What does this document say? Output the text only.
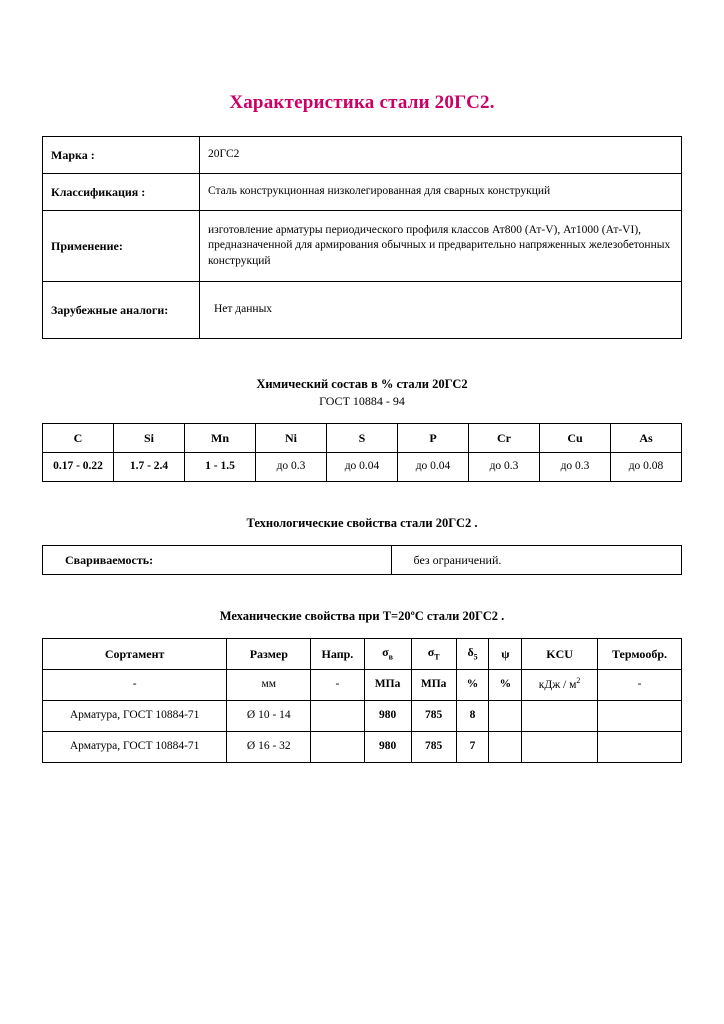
Характеристика стали 20ГС2.
Марка :	20ГС2
Классификация :	Сталь конструкционная низколегированная для сварных конструкций
Применение:	изготовление арматуры периодического профиля классов Ат800 (Ат-V), Ат1000 (Ат-VI), предназначенной для армирования обычных и предварительно напряженных железобетонных конструкций
Зарубежные аналоги:	Нет данных

Химический состав в % стали 20ГС2

ГОСТ 10884 - 94

C	Si	Mn	Ni	S	P	Cr	Cu	As
0.17 - 0.22	1.7 - 2.4	1 - 1.5	до 0.3	до 0.04	до 0.04	до 0.3	до 0.3	до 0.08

Технологические свойства стали 20ГС2 .

Свариваемость:	без ограничений.

Механические свойства при Т=20ºC стали 20ГС2 .

Сортамент	Размер	Напр.	$\sigma_в$	$\sigma_T$	$\delta_5$	ψ	KCU	Термообр.
-	мм	-	МПа	МПа	%	%	кДж / $м^2$	-
Арматура, ГОСТ 10884-71	Ø 10 - 14		980	785	8			
Арматура, ГОСТ 10884-71	Ø 16 - 32		980	785	7			
